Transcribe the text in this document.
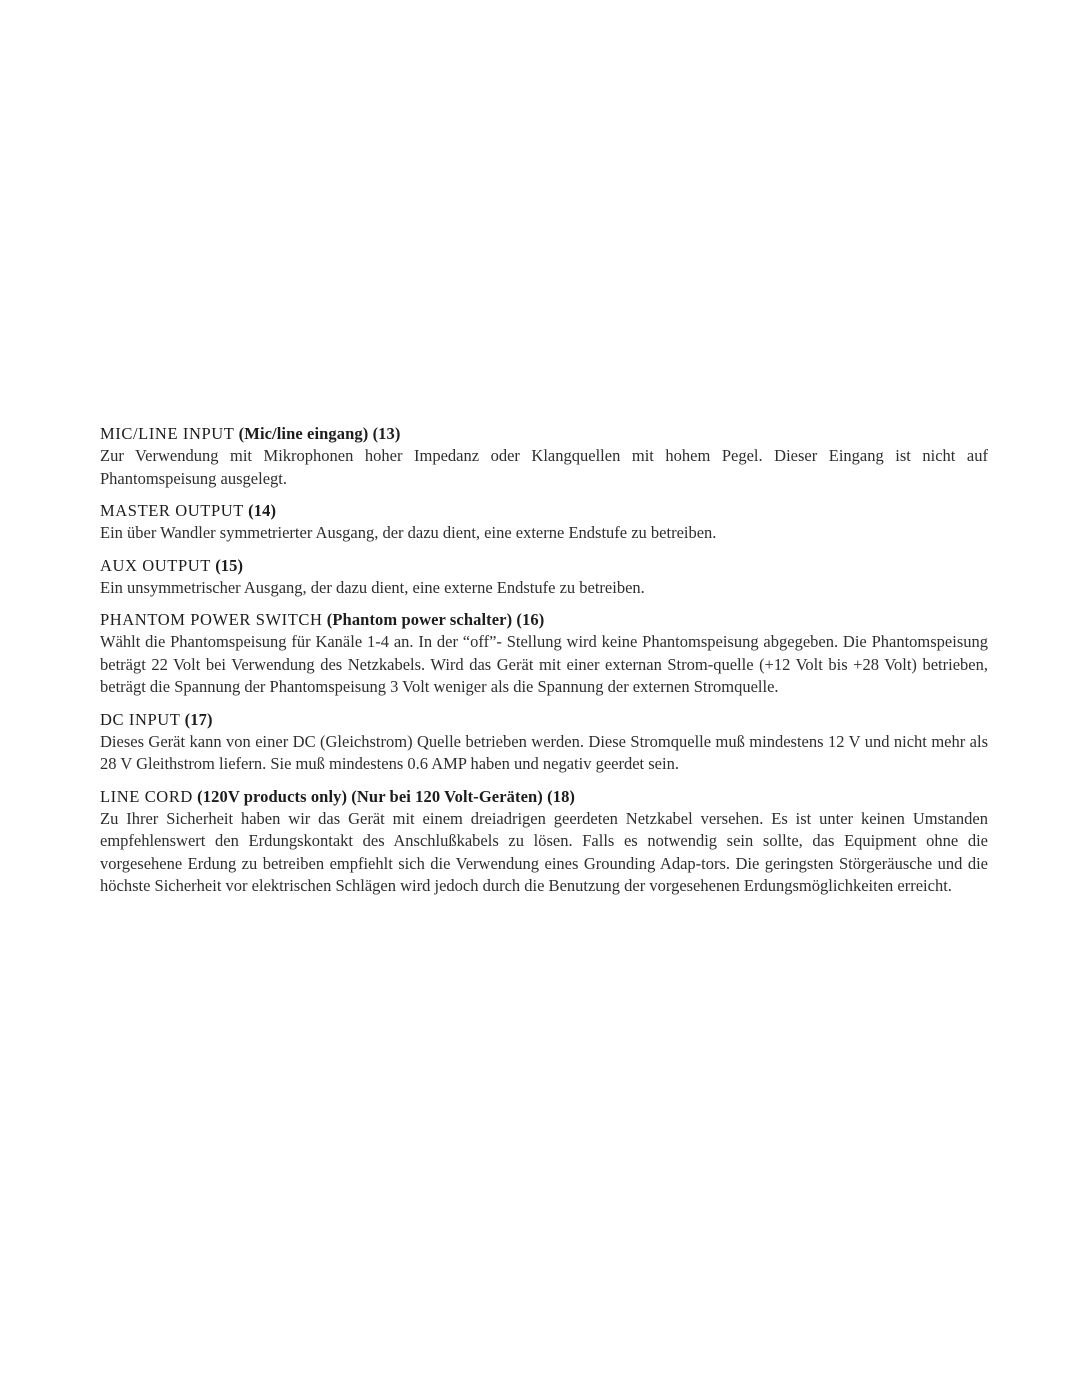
MIC/LINE INPUT (Mic/line eingang) (13)

Zur Verwendung mit Mikrophonen hoher Impedanz oder Klangquellen mit hohem Pegel. Dieser Eingang ist nicht auf Phantomspeisung ausgelegt.

MASTER OUTPUT (14)

Ein über Wandler symmetrierter Ausgang, der dazu dient, eine externe Endstufe zu betreiben.

AUX OUTPUT (15)

Ein unsymmetrischer Ausgang, der dazu dient, eine externe Endstufe zu betreiben.

PHANTOM POWER SWITCH (Phantom power schalter) (16)

Wählt die Phantomspeisung für Kanäle 1-4 an. In der “off”- Stellung wird keine Phantomspeisung abgegeben. Die Phantomspeisung beträgt 22 Volt bei Verwendung des Netzkabels. Wird das Gerät mit einer externan Strom-quelle (+12 Volt bis +28 Volt) betrieben, beträgt die Spannung der Phantomspeisung 3 Volt weniger als die Spannung der externen Stromquelle.

DC INPUT (17)

Dieses Gerät kann von einer DC (Gleichstrom) Quelle betrieben werden. Diese Stromquelle muß mindestens 12 V und nicht mehr als 28 V Gleithstrom liefern. Sie muß mindestens 0.6 AMP haben und negativ geerdet sein.

LINE CORD (120V products only) (Nur bei 120 Volt-Geräten) (18)

Zu Ihrer Sicherheit haben wir das Gerät mit einem dreiadrigen geerdeten Netzkabel versehen. Es ist unter keinen Umstanden empfehlenswert den Erdungskontakt des Anschlußkabels zu lösen. Falls es notwendig sein sollte, das Equipment ohne die vorgesehene Erdung zu betreiben empfiehlt sich die Verwendung eines Grounding Adap-tors. Die geringsten Störgeräusche und die höchste Sicherheit vor elektrischen Schlägen wird jedoch durch die Benutzung der vorgesehenen Erdungsmöglichkeiten erreicht.
